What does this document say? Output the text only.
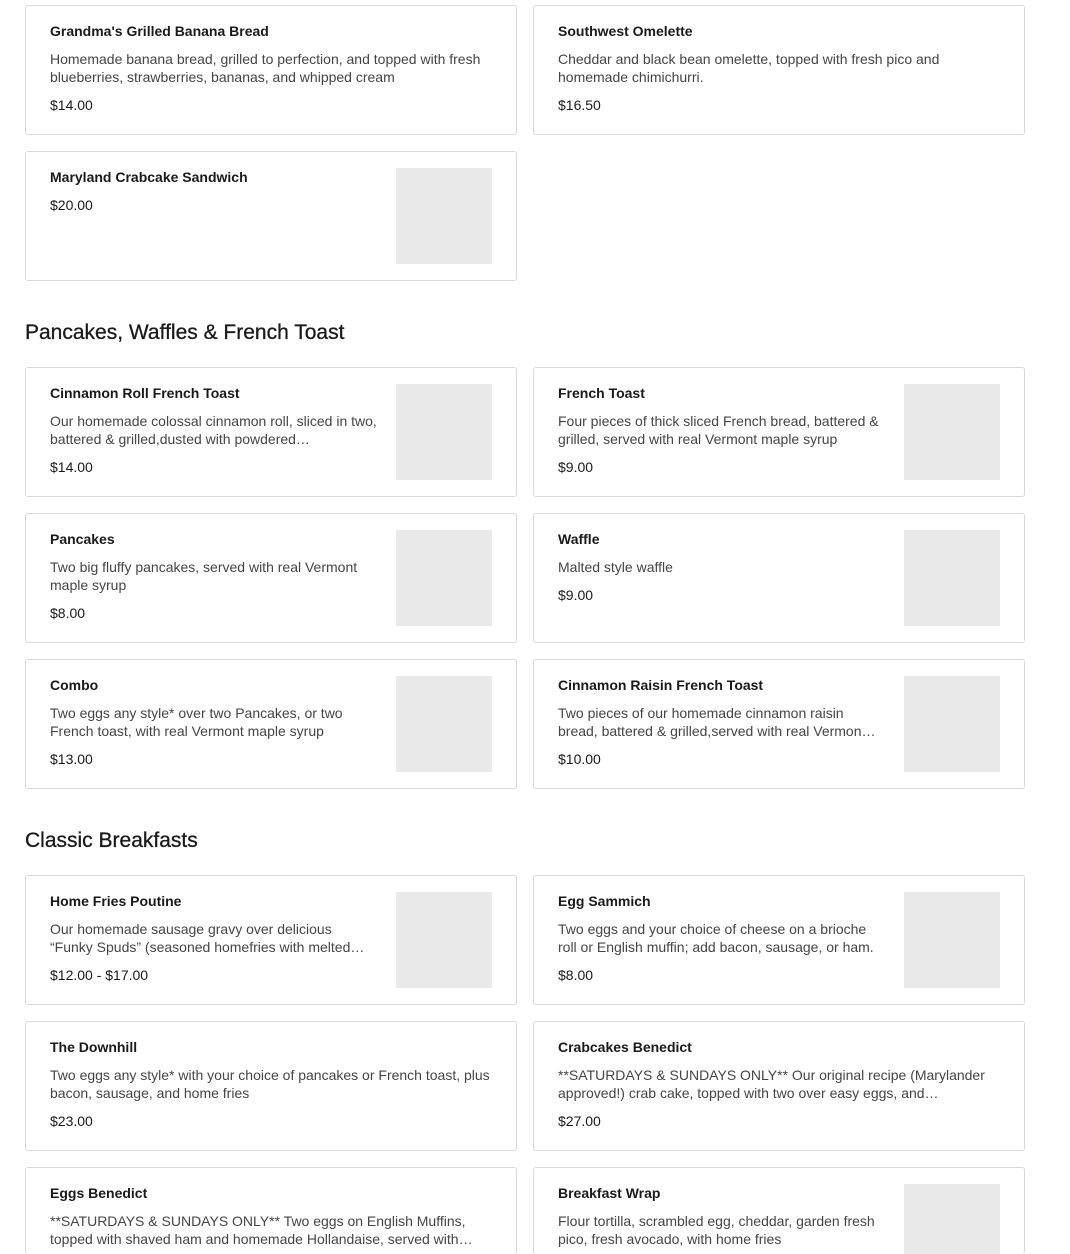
Grandma's Grilled Banana Bread
Homemade banana bread, grilled to perfection, and topped with fresh blueberries, strawberries, bananas, and whipped cream
$14.00
Southwest Omelette
Cheddar and black bean omelette, topped with fresh pico and homemade chimichurri.
$16.50
Maryland Crabcake Sandwich
$20.00
Pancakes, Waffles & French Toast
Cinnamon Roll French Toast
Our homemade colossal cinnamon roll, sliced in two, battered & grilled,dusted with powdered…
$14.00
French Toast
Four pieces of thick sliced French bread, battered & grilled, served with real Vermont maple syrup
$9.00
Pancakes
Two big fluffy pancakes, served with real Vermont maple syrup
$8.00
Waffle
Malted style waffle
$9.00
Combo
Two eggs any style* over two Pancakes, or two French toast, with real Vermont maple syrup
$13.00
Cinnamon Raisin French Toast
Two pieces of our homemade cinnamon raisin bread, battered & grilled,served with real Vermon…
$10.00
Classic Breakfasts
Home Fries Poutine
Our homemade sausage gravy over delicious “Funky Spuds” (seasoned homefries with melted…
$12.00 - $17.00
Egg Sammich
Two eggs and your choice of cheese on a brioche roll or English muffin; add bacon, sausage, or ham.
$8.00
The Downhill
Two eggs any style* with your choice of pancakes or French toast, plus bacon, sausage, and home fries
$23.00
Crabcakes Benedict
**SATURDAYS & SUNDAYS ONLY** Our original recipe (Marylander approved!) crab cake, topped with two over easy eggs, and…
$27.00
Eggs Benedict
**SATURDAYS & SUNDAYS ONLY** Two eggs on English Muffins, topped with shaved ham and homemade Hollandaise, served with…
Breakfast Wrap
Flour tortilla, scrambled egg, cheddar, garden fresh pico, fresh avocado, with home fries
